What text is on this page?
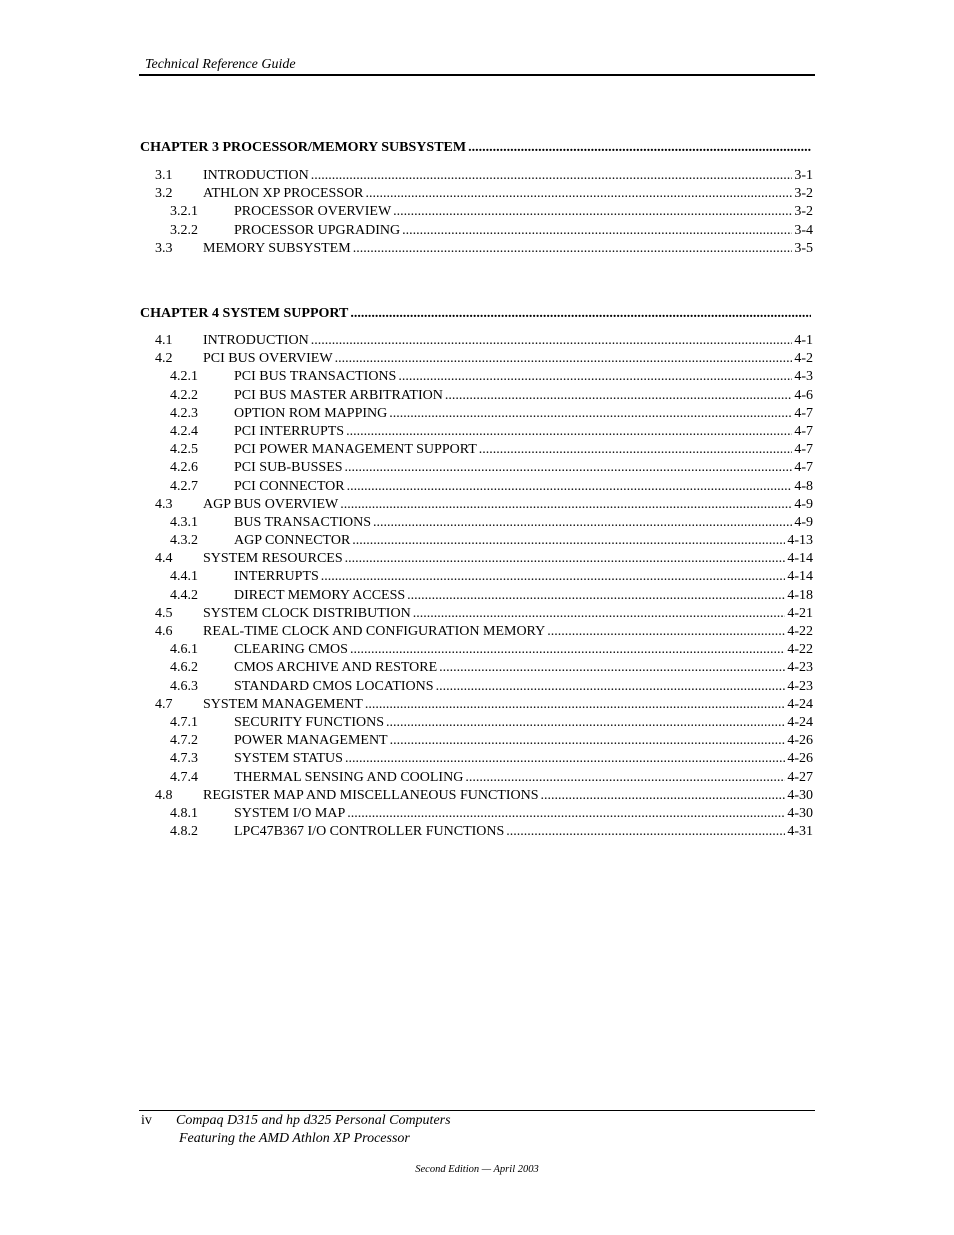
Technical Reference Guide
CHAPTER 3 PROCESSOR/MEMORY SUBSYSTEM
.....
3.1	INTRODUCTION .....	3-1
3.2	ATHLON XP PROCESSOR .....	3-2
3.2.1	PROCESSOR OVERVIEW .....	3-2
3.2.2	PROCESSOR UPGRADING .....	3-4
3.3	MEMORY SUBSYSTEM .....	3-5
CHAPTER 4 SYSTEM SUPPORT
.....
4.1	INTRODUCTION .....	4-1
4.2	PCI BUS OVERVIEW .....	4-2
4.2.1	PCI BUS TRANSACTIONS .....	4-3
4.2.2	PCI BUS MASTER ARBITRATION .....	4-6
4.2.3	OPTION ROM MAPPING .....	4-7
4.2.4	PCI INTERRUPTS .....	4-7
4.2.5	PCI POWER MANAGEMENT SUPPORT .....	4-7
4.2.6	PCI SUB-BUSSES .....	4-7
4.2.7	PCI CONNECTOR .....	4-8
4.3	AGP BUS OVERVIEW .....	4-9
4.3.1	BUS TRANSACTIONS .....	4-9
4.3.2	AGP CONNECTOR .....	4-13
4.4	SYSTEM RESOURCES .....	4-14
4.4.1	INTERRUPTS .....	4-14
4.4.2	DIRECT MEMORY ACCESS .....	4-18
4.5	SYSTEM CLOCK DISTRIBUTION .....	4-21
4.6	REAL-TIME CLOCK AND CONFIGURATION MEMORY .....	4-22
4.6.1	CLEARING CMOS .....	4-22
4.6.2	CMOS ARCHIVE AND RESTORE .....	4-23
4.6.3	STANDARD CMOS LOCATIONS .....	4-23
4.7	SYSTEM MANAGEMENT .....	4-24
4.7.1	SECURITY FUNCTIONS .....	4-24
4.7.2	POWER MANAGEMENT .....	4-26
4.7.3	SYSTEM STATUS .....	4-26
4.7.4	THERMAL SENSING AND COOLING .....	4-27
4.8	REGISTER MAP AND MISCELLANEOUS FUNCTIONS .....	4-30
4.8.1	SYSTEM I/O MAP .....	4-30
4.8.2	LPC47B367 I/O CONTROLLER FUNCTIONS .....	4-31
iv Compaq D315 and hp d325 Personal Computers
Featuring the AMD Athlon XP Processor
Second Edition — April 2003
